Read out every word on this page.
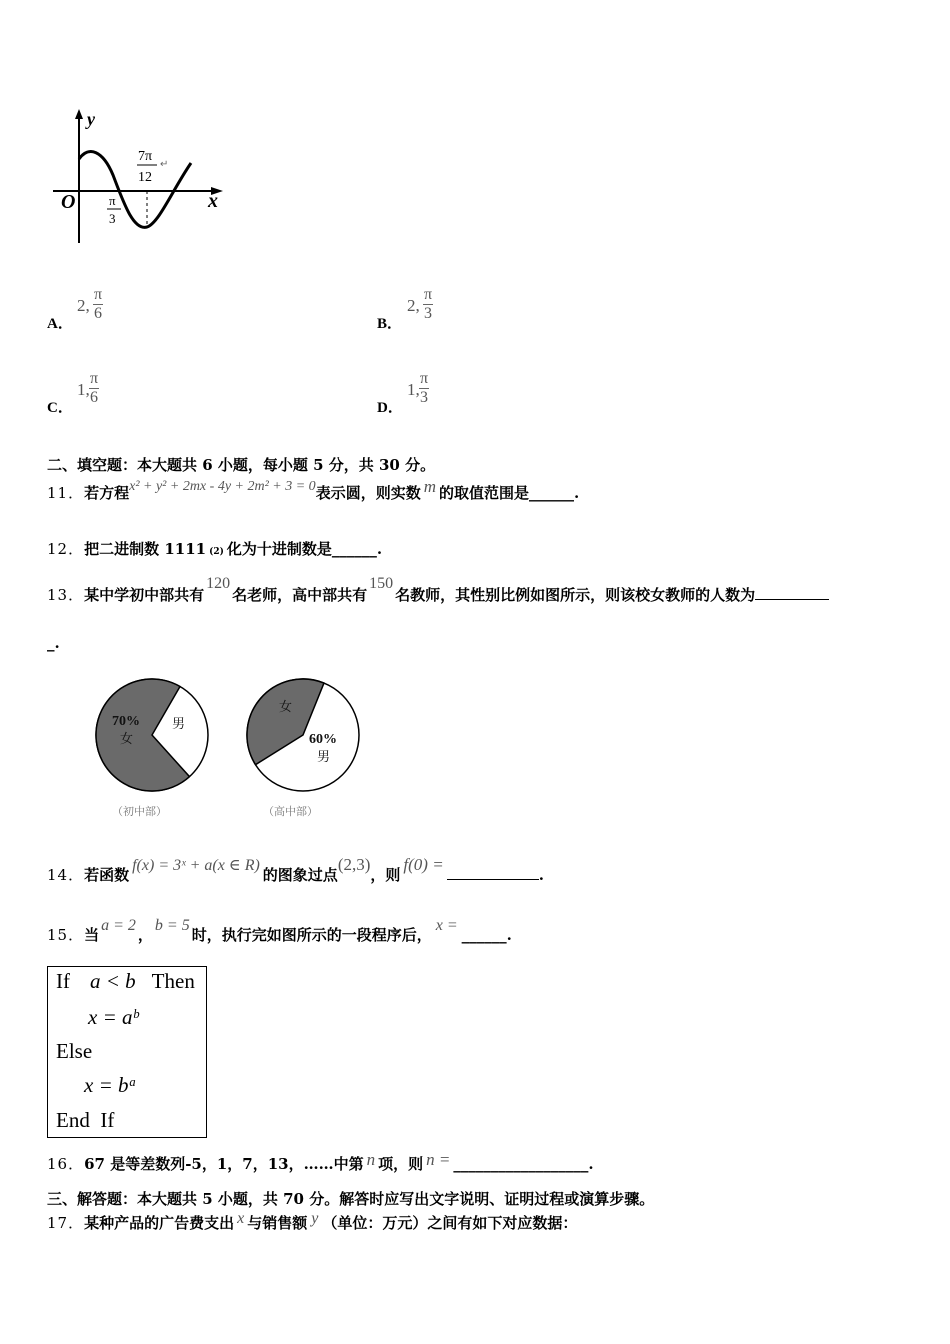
y
x
O	π
3
7π
12
↵
A．
2, $\frac{\pi}{6}$
B．
2, $\frac{\pi}{3}$
C．
1, $\frac{\pi}{6}$
D．
1, $\frac{\pi}{3}$
二、填空题：本大题共 6 小题，每小题 5 分，共 30 分。
11．若方程x² + y² + 2mx - 4y + 2m² + 3 = 0表示圆，则实数 m 的取值范围是______.
12．把二进制数 1111 (2) 化为十进制数是______.
13．某中学初中部共有120名老师，高中部共有150名教师，其性别比例如图所示，则该校女教师的人数为
_.
70%
女
男
（初中部）
女
60%
男
（高中部）
14．若函数f(x) = 3ˣ + a(x ∈ R)的图象过点(2,3)，则f(0) =.
15．当a = 2，b = 5时，执行完如图所示的一段程序后，x =______.
If a < b Then
x = aᵇ
Else
x = bᵃ
End  If
16．67 是等差数列-5，1，7，13，……中第 n 项，则 n = __________________.
三、解答题：本大题共 5 小题，共 70 分。解答时应写出文字说明、证明过程或演算步骤。
17．某种产品的广告费支出 x 与销售额 y （单位：万元）之间有如下对应数据：
